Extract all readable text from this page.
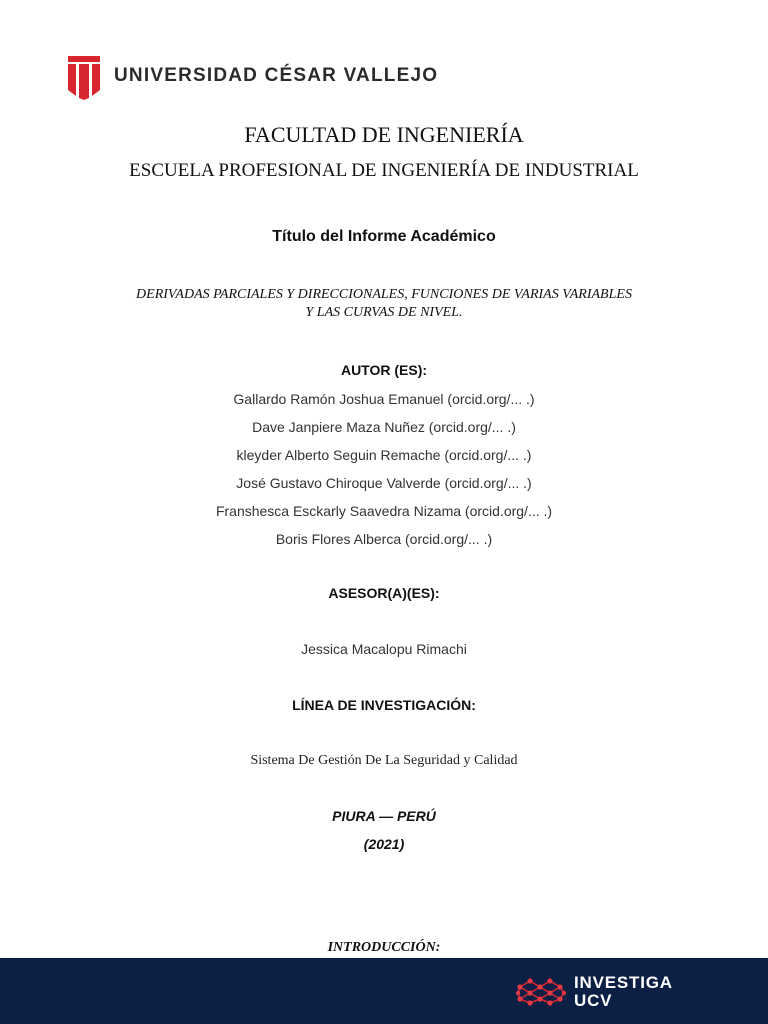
UNIVERSIDAD CÉSAR VALLEJO
FACULTAD DE INGENIERÍA
ESCUELA PROFESIONAL DE INGENIERÍA DE INDUSTRIAL
Título del Informe Académico
DERIVADAS PARCIALES Y DIRECCIONALES, FUNCIONES DE VARIAS VARIABLES
Y LAS CURVAS DE NIVEL.
AUTOR (ES):
Gallardo Ramón Joshua Emanuel (orcid.org/... .)
Dave Janpiere Maza Nuñez (orcid.org/... .)
kleyder Alberto Seguin Remache (orcid.org/... .)
José Gustavo Chiroque Valverde (orcid.org/... .)
Franshesca Esckarly Saavedra Nizama (orcid.org/... .)
Boris Flores Alberca (orcid.org/... .)
ASESOR(A)(ES):
Jessica Macalopu Rimachi
LÍNEA DE INVESTIGACIÓN:
Sistema De Gestión De La Seguridad y Calidad
PIURA — PERÚ
(2021)
INTRODUCCIÓN:
INVESTIGA
UCV
